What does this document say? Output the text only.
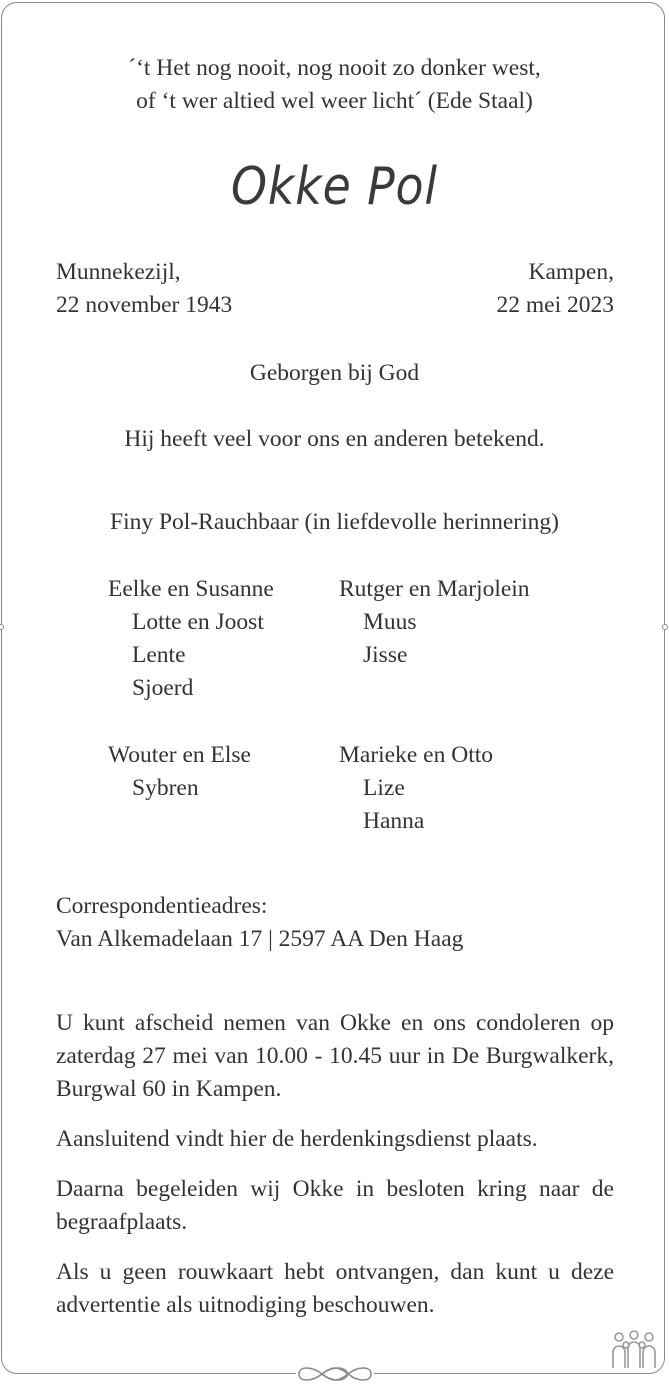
´‘t Het nog nooit, nog nooit zo donker west,
of ‘t wer altied wel weer licht´ (Ede Staal)
Okke Pol
Munnekezijl,
22 november 1943
Kampen,
22 mei 2023
Geborgen bij God
Hij heeft veel voor ons en anderen betekend.
Finy Pol-Rauchbaar (in liefdevolle herinnering)
Eelke en Susanne
Lotte en Joost
Lente
Sjoerd
Rutger en Marjolein
Muus
Jisse
Wouter en Else
Sybren
Marieke en Otto
Lize
Hanna
Correspondentieadres:
Van Alkemadelaan 17 | 2597 AA Den Haag
U kunt afscheid nemen van Okke en ons condoleren op zaterdag 27 mei van 10.00 - 10.45 uur in De Burgwalkerk, Burgwal 60 in Kampen.
Aansluitend vindt hier de herdenkingsdienst plaats.
Daarna begeleiden wij Okke in besloten kring naar de begraafplaats.
Als u geen rouwkaart hebt ontvangen, dan kunt u deze advertentie als uitnodiging beschouwen.
